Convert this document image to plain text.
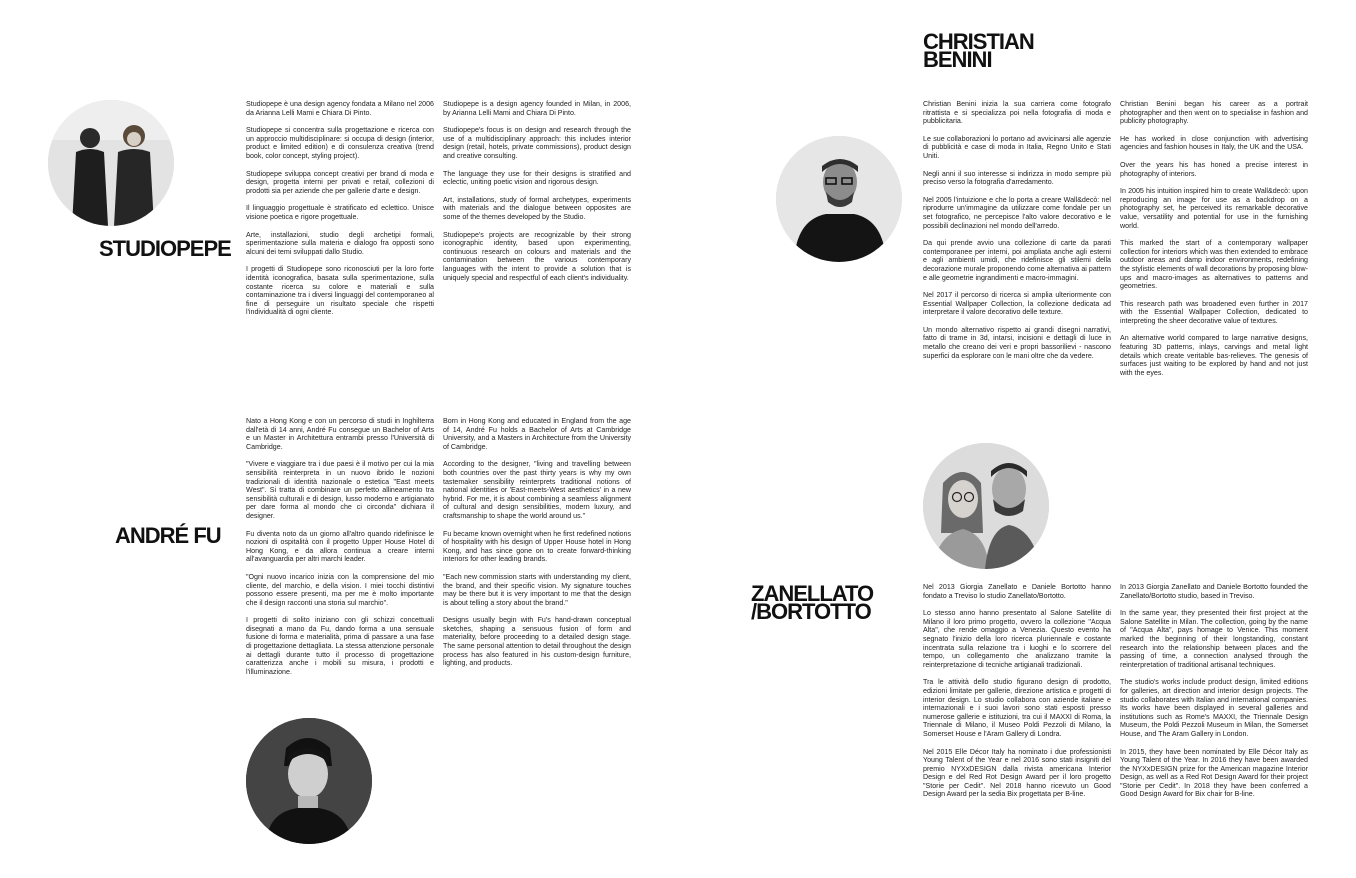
STUDIOPEPE

Studiopepe è una design agency fondata a Milano nel 2006 da Arianna Lelli Mami e Chiara Di Pinto.

Studiopepe si concentra sulla progettazione e ricerca con un approccio multidisciplinare: si occupa di design (interior, product e limited edition) e di consulenza creativa (trend book, color concept, styling project).

Studiopepe sviluppa concept creativi per brand di moda e design, progetta interni per privati e retail, collezioni di prodotti sia per aziende che per gallerie d'arte e design.

Il linguaggio progettuale è stratificato ed eclettico. Unisce visione poetica e rigore progettuale.

Arte, installazioni, studio degli archetipi formali, sperimentazione sulla materia e dialogo fra opposti sono alcuni dei temi sviluppati dallo Studio.

I progetti di Studiopepe sono riconosciuti per la loro forte identità iconografica, basata sulla sperimentazione, sulla costante ricerca su colore e materiali e sulla contaminazione tra i diversi linguaggi del contemporaneo al fine di perseguire un risultato speciale che rispetti l'individualità di ogni cliente.

Studiopepe is a design agency founded in Milan, in 2006, by Arianna Lelli Mami and Chiara Di Pinto.

Studiopepe's focus is on design and research through the use of a multidisciplinary approach: this includes interior design (retail, hotels, private commissions), product design and creative consulting.

The language they use for their designs is stratified and eclectic, uniting poetic vision and rigorous design.

Art, installations, study of formal archetypes, experiments with materials and the dialogue between opposites are some of the themes developed by the Studio.

Studiopepe's projects are recognizable by their strong iconographic identity, based upon experimenting, continuous research on colours and materials and the contamination between the various contemporary languages with the intent to provide a solution that is uniquely special and respectful of each client's individuality.

ANDRÉ FU

Nato a Hong Kong e con un percorso di studi in Inghilterra dall'età di 14 anni, André Fu consegue un Bachelor of Arts e un Master in Architettura entrambi presso l'Università di Cambridge.

"Vivere e viaggiare tra i due paesi è il motivo per cui la mia sensibilità reinterpreta in un nuovo ibrido le nozioni tradizionali di identità nazionale o estetica "East meets West". Si tratta di combinare un perfetto allineamento tra sensibilità culturali e di design, lusso moderno e artigianato per dare forma al mondo che ci circonda" dichiara il designer.

Fu diventa noto da un giorno all'altro quando ridefinisce le nozioni di ospitalità con il progetto Upper House Hotel di Hong Kong, e da allora continua a creare interni all'avanguardia per altri marchi leader.

"Ogni nuovo incarico inizia con la comprensione del mio cliente, del marchio, e della vision. I miei tocchi distintivi possono essere presenti, ma per me è molto importante che il design racconti una storia sul marchio".

I progetti di solito iniziano con gli schizzi concettuali disegnati a mano da Fu, dando forma a una sensuale fusione di forma e materialità, prima di passare a una fase di progettazione dettagliata. La stessa attenzione personale ai dettagli durante tutto il processo di progettazione caratterizza anche i mobili su misura, i prodotti e l'illuminazione.

Born in Hong Kong and educated in England from the age of 14, André Fu holds a Bachelor of Arts at Cambridge University, and a Masters in Architecture from the University of Cambridge.

According to the designer, "living and travelling between both countries over the past thirty years is why my own tastemaker sensibility reinterprets traditional notions of national identities or 'East-meets-West aesthetics' in a new hybrid. For me, it is about combining a seamless alignment of cultural and design sensibilities, modern luxury, and craftsmanship to shape the world around us."

Fu became known overnight when he first redefined notions of hospitality with his design of Upper House hotel in Hong Kong, and has since gone on to create forward-thinking interiors for other leading brands.

"Each new commission starts with understanding my client, the brand, and their specific vision. My signature touches may be there but it is very important to me that the design is about telling a story about the brand."

Designs usually begin with Fu's hand-drawn conceptual sketches, shaping a sensuous fusion of form and materiality, before proceeding to a detailed design stage. The same personal attention to detail throughout the design process has also featured in his custom-design furniture, lighting, and products.

CHRISTIAN
BENINI

Christian Benini inizia la sua carriera come fotografo ritrattista e si specializza poi nella fotografia di moda e pubblicitaria.

Le sue collaborazioni lo portano ad avvicinarsi alle agenzie di pubblicità e case di moda in Italia, Regno Unito e Stati Uniti.

Negli anni il suo interesse si indirizza in modo sempre più preciso verso la fotografia d'arredamento.

Nel 2005 l'intuizione e che lo porta a creare Wall&decò: nel riprodurre un'immagine da utilizzare come fondale per un set fotografico, ne percepisce l'alto valore decorativo e le possibili declinazioni nel mondo dell'arredo.

Da qui prende avvio una collezione di carte da parati contemporanee per interni, poi ampliata anche agli esterni e agli ambienti umidi, che ridefinisce gli stilemi della decorazione murale proponendo come alternativa ai pattern e alle geometrie ingrandimenti e macro-immagini.

Nel 2017 il percorso di ricerca si amplia ulteriormente con Essential Wallpaper Collection, la collezione dedicata ad interpretare il valore decorativo delle texture.

Un mondo alternativo rispetto ai grandi disegni narrativi, fatto di trame in 3d, intarsi, incisioni e dettagli di luce in metallo che creano dei veri e propri bassorilievi - nascono superfici da esplorare con le mani oltre che da vedere.

Christian Benini began his career as a portrait photographer and then went on to specialise in fashion and publicity photography.

He has worked in close conjunction with advertising agencies and fashion houses in Italy, the UK and the USA.

Over the years his has honed a precise interest in photography of interiors.

In 2005 his intuition inspired him to create Wall&decò: upon reproducing an image for use as a backdrop on a photography set, he perceived its remarkable decorative value, versatility and potential for use in the furnishing world.

This marked the start of a contemporary wallpaper collection for interiors which was then extended to embrace outdoor areas and damp indoor environments, redefining the stylistic elements of wall decorations by proposing blow-ups and macro-images as alternatives to patterns and geometries.

This research path was broadened even further in 2017 with the Essential Wallpaper Collection, dedicated to interpreting the sheer decorative value of textures.

An alternative world compared to large narrative designs, featuring 3D patterns, inlays, carvings and metal light details which create veritable bas-relieves. The genesis of surfaces just waiting to be explored by hand and not just with the eyes.

ZANELLATO
/BORTOTTO

Nel 2013 Giorgia Zanellato e Daniele Bortotto hanno fondato a Treviso lo studio Zanellato/Bortotto.

Lo stesso anno hanno presentato al Salone Satellite di Milano il loro primo progetto, ovvero la collezione "Acqua Alta", che rende omaggio a Venezia. Questo evento ha segnato l'inizio della loro ricerca pluriennale e costante incentrata sulla relazione tra i luoghi e lo scorrere del tempo, un collegamento che analizzano tramite la reinterpretazione di tecniche artigianali tradizionali.

Tra le attività dello studio figurano design di prodotto, edizioni limitate per gallerie, direzione artistica e progetti di interior design. Lo studio collabora con aziende italiane e internazionali e i suoi lavori sono stati esposti presso numerose gallerie e istituzioni, tra cui il MAXXI di Roma, la Triennale di Milano, il Museo Poldi Pezzoli di Milano, la Somerset House e l'Aram Gallery di Londra.

Nel 2015 Elle Décor Italy ha nominato i due professionisti Young Talent of the Year e nel 2016 sono stati insigniti del premio NYXxDESIGN dalla rivista americana Interior Design e del Red Rot Design Award per il loro progetto "Storie per Cedit". Nel 2018 hanno ricevuto un Good Design Award per la sedia Bix progettata per B-line.

In 2013 Giorgia Zanellato and Daniele Bortotto founded the Zanellato/Bortotto studio, based in Treviso.

In the same year, they presented their first project at the Salone Satellite in Milan. The collection, going by the name of "Acqua Alta", pays homage to Venice. This moment marked the beginning of their longstanding, constant research into the relationship between places and the passing of time, a connection analysed through the reinterpretation of traditional artisanal techniques.

The studio's works include product design, limited editions for galleries, art direction and interior design projects. The studio collaborates with Italian and international companies. Its works have been displayed in several galleries and institutions such as Rome's MAXXI, the Triennale Design Museum, the Poldi Pezzoli Museum in Milan, the Somerset House, and The Aram Gallery in London.

In 2015, they have been nominated by Elle Décor Italy as Young Talent of the Year. In 2016 they have been awarded the NYXxDESIGN prize for the American magazine Interior Design, as well as a Red Rot Design Award for their project "Storie per Cedit". In 2018 they have been conferred a Good Design Award for Bix chair for B-line.
